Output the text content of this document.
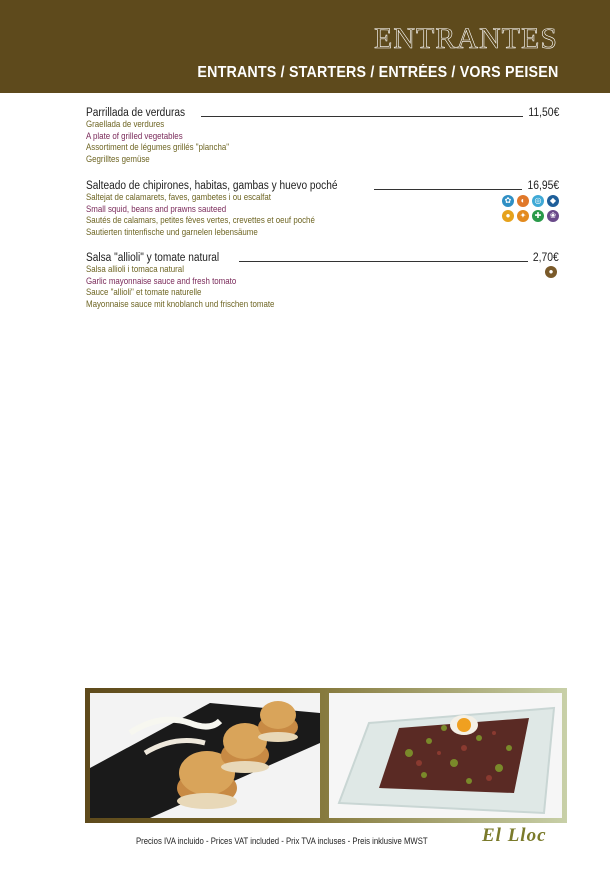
ENTRANTES
ENTRANTS / STARTERS / ENTRÉES / VORS PEISEN
Parrillada de verduras	11,50€
Graellada de verdures
A plate of grilled vegetables
Assortiment de légumes grillés "plancha"
Gegrilltes gemüse
Salteado de chipirones, habitas, gambas y huevo poché	16,95€
Saltejat de calamarets, faves, gambetes i ou escalfat
Small squid, beans and prawns sauteed
Sautés de calamars, petites fèves vertes, crevettes et oeuf poché
Sautierten tintenfische und garnelen lebensäume
✿	◐	◎	◆
●	✦	✚	❀
Salsa "allioli" y tomate natural	2,70€
Salsa allioli i tomaca natural
Garlic mayonnaise sauce and fresh tomato
Sauce "allioli" et tomate naturelle
Mayonnaise sauce mit knoblanch und frischen tomate
●
Precios IVA incluido - Prices VAT included - Prix TVA incluses - Preis inklusive MWST	El Lloc
